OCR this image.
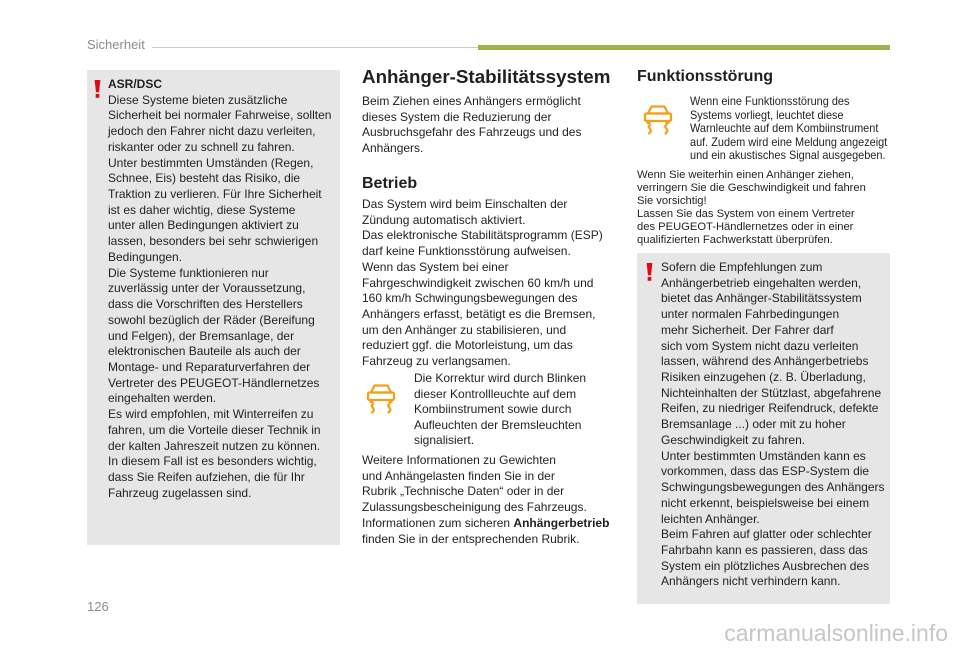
Sicherheit
ASR/DSC
Diese Systeme bieten zusätzliche
Sicherheit bei normaler Fahrweise, sollten
jedoch den Fahrer nicht dazu verleiten,
riskanter oder zu schnell zu fahren.
Unter bestimmten Umständen (Regen,
Schnee, Eis) besteht das Risiko, die
Traktion zu verlieren. Für Ihre Sicherheit
ist es daher wichtig, diese Systeme
unter allen Bedingungen aktiviert zu
lassen, besonders bei sehr schwierigen
Bedingungen.
Die Systeme funktionieren nur
zuverlässig unter der Voraussetzung,
dass die Vorschriften des Herstellers
sowohl bezüglich der Räder (Bereifung
und Felgen), der Bremsanlage, der
elektronischen Bauteile als auch der
Montage- und Reparaturverfahren der
Vertreter des PEUGEOT-Händlernetzes
eingehalten werden.
Es wird empfohlen, mit Winterreifen zu
fahren, um die Vorteile dieser Technik in
der kalten Jahreszeit nutzen zu können.
In diesem Fall ist es besonders wichtig,
dass Sie Reifen aufziehen, die für Ihr
Fahrzeug zugelassen sind.
Anhänger-Stabilitätssystem
Beim Ziehen eines Anhängers ermöglicht
dieses System die Reduzierung der
Ausbruchsgefahr des Fahrzeugs und des
Anhängers.
Betrieb
Das System wird beim Einschalten der
Zündung automatisch aktiviert.
Das elektronische Stabilitätsprogramm (ESP)
darf keine Funktionsstörung aufweisen.
Wenn das System bei einer
Fahrgeschwindigkeit zwischen 60 km/h und
160 km/h Schwingungsbewegungen des
Anhängers erfasst, betätigt es die Bremsen,
um den Anhänger zu stabilisieren, und
reduziert ggf. die Motorleistung, um das
Fahrzeug zu verlangsamen.
Die Korrektur wird durch Blinken
dieser Kontrollleuchte auf dem
Kombiinstrument sowie durch
Aufleuchten der Bremsleuchten
signalisiert.
Weitere Informationen zu Gewichten
und Anhängelasten finden Sie in der
Rubrik „Technische Daten“ oder in der
Zulassungsbescheinigung des Fahrzeugs.
Informationen zum sicheren Anhängerbetrieb
finden Sie in der entsprechenden Rubrik.
Funktionsstörung
Wenn eine Funktionsstörung des
Systems vorliegt, leuchtet diese
Warnleuchte auf dem Kombiinstrument
auf. Zudem wird eine Meldung angezeigt
und ein akustisches Signal ausgegeben.
Wenn Sie weiterhin einen Anhänger ziehen,
verringern Sie die Geschwindigkeit und fahren
Sie vorsichtig!
Lassen Sie das System von einem Vertreter
des PEUGEOT-Händlernetzes oder in einer
qualifizierten Fachwerkstatt überprüfen.
Sofern die Empfehlungen zum
Anhängerbetrieb eingehalten werden,
bietet das Anhänger-Stabilitätssystem
unter normalen Fahrbedingungen
mehr Sicherheit. Der Fahrer darf
sich vom System nicht dazu verleiten
lassen, während des Anhängerbetriebs
Risiken einzugehen (z. B. Überladung,
Nichteinhalten der Stützlast, abgefahrene
Reifen, zu niedriger Reifendruck, defekte
Bremsanlage ...) oder mit zu hoher
Geschwindigkeit zu fahren.
Unter bestimmten Umständen kann es
vorkommen, dass das ESP-System die
Schwingungsbewegungen des Anhängers
nicht erkennt, beispielsweise bei einem
leichten Anhänger.
Beim Fahren auf glatter oder schlechter
Fahrbahn kann es passieren, dass das
System ein plötzliches Ausbrechen des
Anhängers nicht verhindern kann.
126
carmanualsonline.info
